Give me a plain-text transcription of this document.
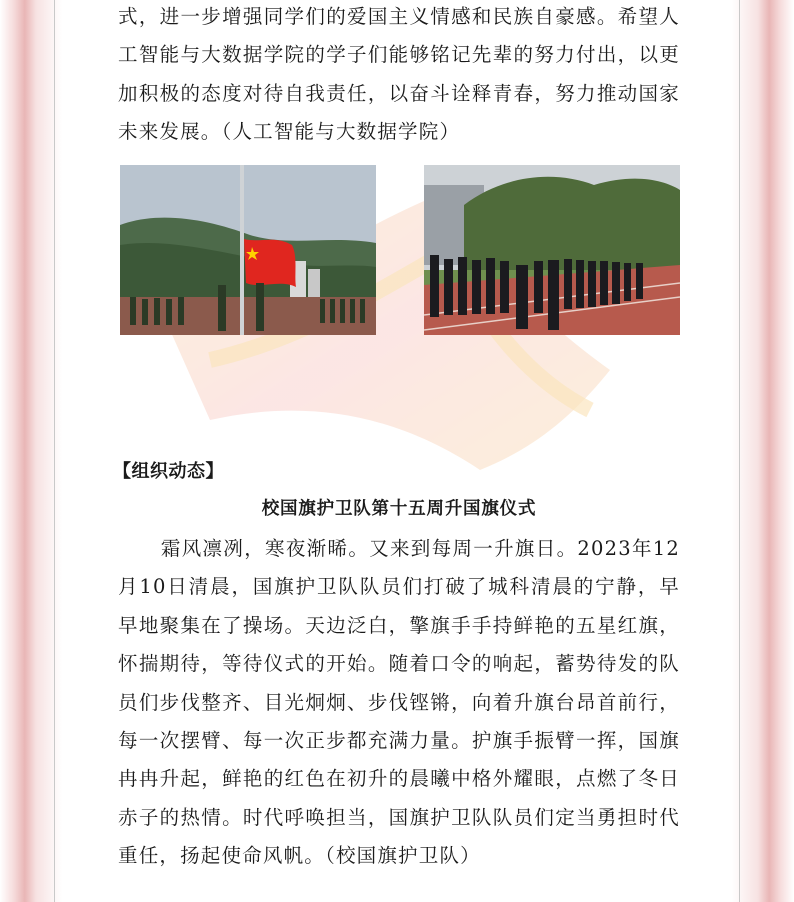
式，进一步增强同学们的爱国主义情感和民族自豪感。希望人工智能与大数据学院的学子们能够铭记先辈的努力付出，以更加积极的态度对待自我责任，以奋斗诠释青春，努力推动国家未来发展。（人工智能与大数据学院）

【组织动态】
校国旗护卫队第十五周升国旗仪式

霜风凛冽，寒夜渐晞。又来到每周一升旗日。2023年12月10日清晨，国旗护卫队队员们打破了城科清晨的宁静，早早地聚集在了操场。天边泛白，擎旗手手持鲜艳的五星红旗，怀揣期待，等待仪式的开始。随着口令的响起，蓄势待发的队员们步伐整齐、目光炯炯、步伐铿锵，向着升旗台昂首前行，每一次摆臂、每一次正步都充满力量。护旗手振臂一挥，国旗冉冉升起，鲜艳的红色在初升的晨曦中格外耀眼，点燃了冬日赤子的热情。时代呼唤担当，国旗护卫队队员们定当勇担时代重任，扬起使命风帆。（校国旗护卫队）
